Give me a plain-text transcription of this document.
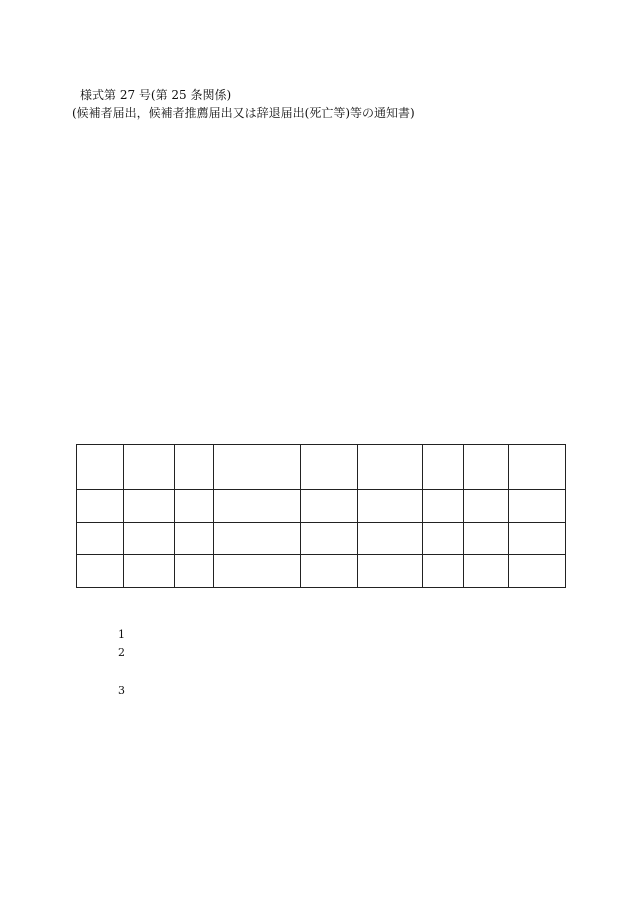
様式第 27 号(第 25 条関係)
(候補者届出，候補者推薦届出又は辞退届出(死亡等)等の通知書)

1
2
3
